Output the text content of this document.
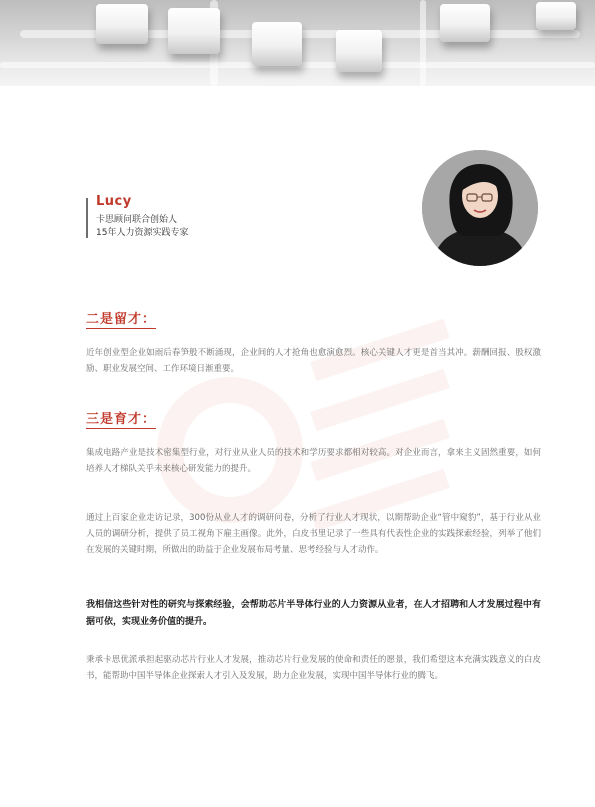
Lucy
卡思顾问联合创始人
15年人力资源实践专家
二是留才：
近年创业型企业如雨后春笋般不断涌现，企业间的人才抢角也愈演愈烈。核心关键人才更是首当其冲。薪酬回报、股权激励、职业发展空间、工作环境日渐重要。
三是育才：
集成电路产业是技术密集型行业，对行业从业人员的技术和学历要求都相对较高。对企业而言，拿来主义固然重要，如何培养人才梯队关乎未来核心研发能力的提升。
通过上百家企业走访记录，300份从业人才的调研问卷，分析了行业人才现状，以期帮助企业“管中窥豹”，基于行业从业人员的调研分析，提供了员工视角下雇主画像。此外，白皮书里记录了一些具有代表性企业的实践探索经验，列举了他们在发展的关键时期，所做出的助益于企业发展布局考量、思考经验与人才动作。
我相信这些针对性的研究与探索经验，会帮助芯片半导体行业的人力资源从业者，在人才招聘和人才发展过程中有据可依，实现业务价值的提升。
秉承卡思优派承担起驱动芯片行业人才发展，推动芯片行业发展的使命和责任的愿景，我们希望这本充满实践意义的白皮书，能帮助中国半导体企业探索人才引入及发展，助力企业发展，实现中国半导体行业的腾飞。
